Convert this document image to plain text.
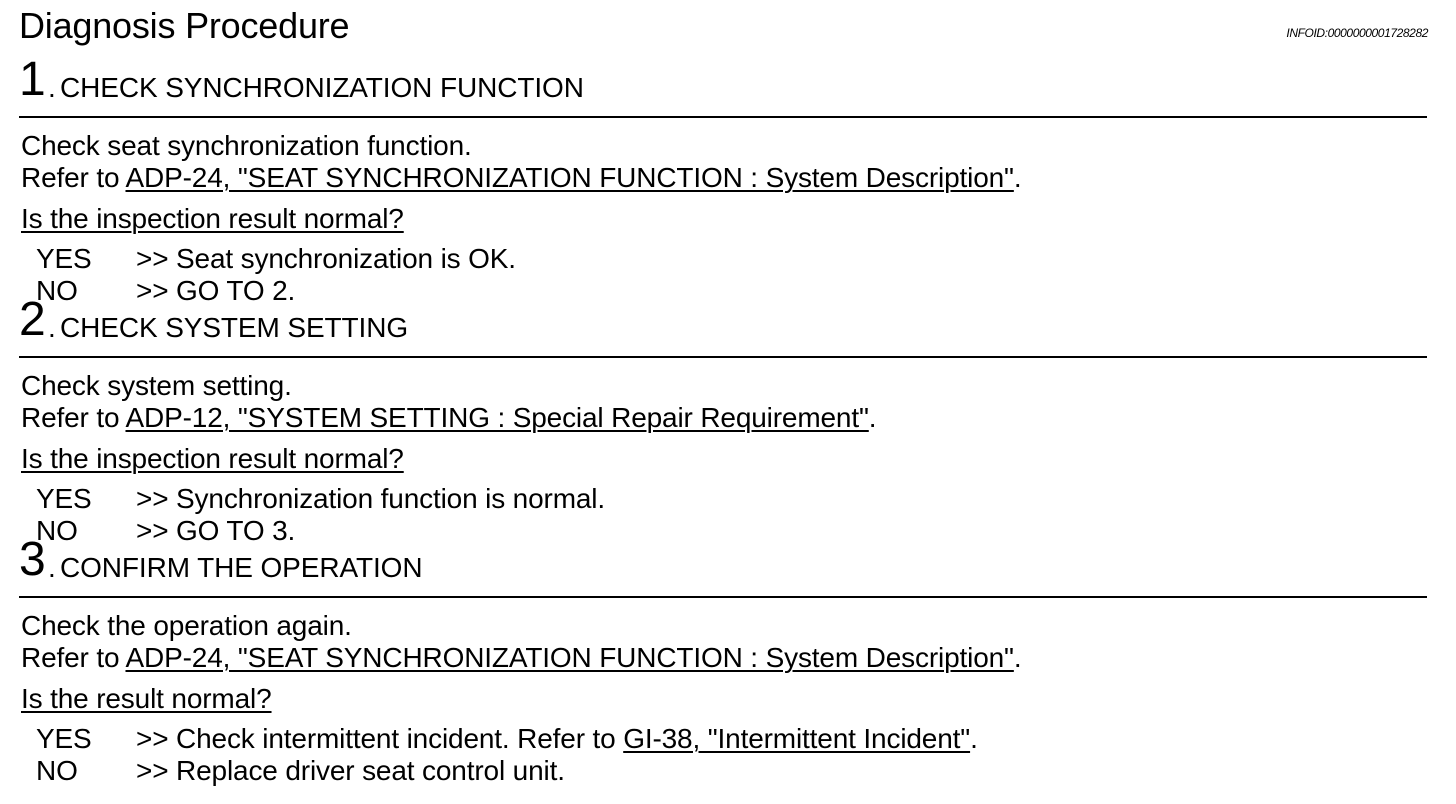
Diagnosis Procedure	INFOID:0000000001728282
1 . CHECK SYNCHRONIZATION FUNCTION
Check seat synchronization function.
Refer to ADP-24, "SEAT SYNCHRONIZATION FUNCTION : System Description".
Is the inspection result normal?
YES >> Seat synchronization is OK.
NO >> GO TO 2.
2 . CHECK SYSTEM SETTING
Check system setting.
Refer to ADP-12, "SYSTEM SETTING : Special Repair Requirement".
Is the inspection result normal?
YES >> Synchronization function is normal.
NO >> GO TO 3.
3 . CONFIRM THE OPERATION
Check the operation again.
Refer to ADP-24, "SEAT SYNCHRONIZATION FUNCTION : System Description".
Is the result normal?
YES >> Check intermittent incident. Refer to GI-38, "Intermittent Incident".
NO >> Replace driver seat control unit.
